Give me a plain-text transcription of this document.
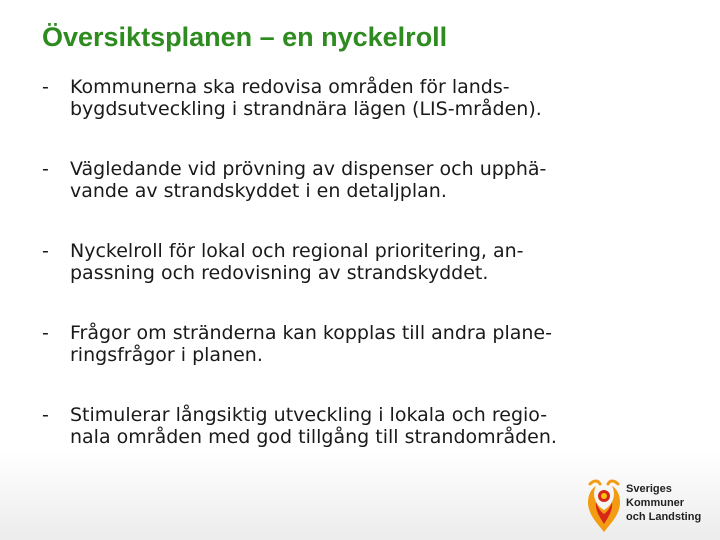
Översiktsplanen – en nyckelroll
- Kommunerna ska redovisa områden för lands-
bygdsutveckling i strandnära lägen (LIS-mråden).
- Vägledande vid prövning av dispenser och upphä-
vande av strandskyddet i en detaljplan.
- Nyckelroll för lokal och regional prioritering, an-
passning och redovisning av strandskyddet.
- Frågor om stränderna kan kopplas till andra plane-
ringsfrågor i planen.
- Stimulerar långsiktig utveckling i lokala och regio-
nala områden med god tillgång till strandområden.
Sveriges
Kommuner
och Landsting
